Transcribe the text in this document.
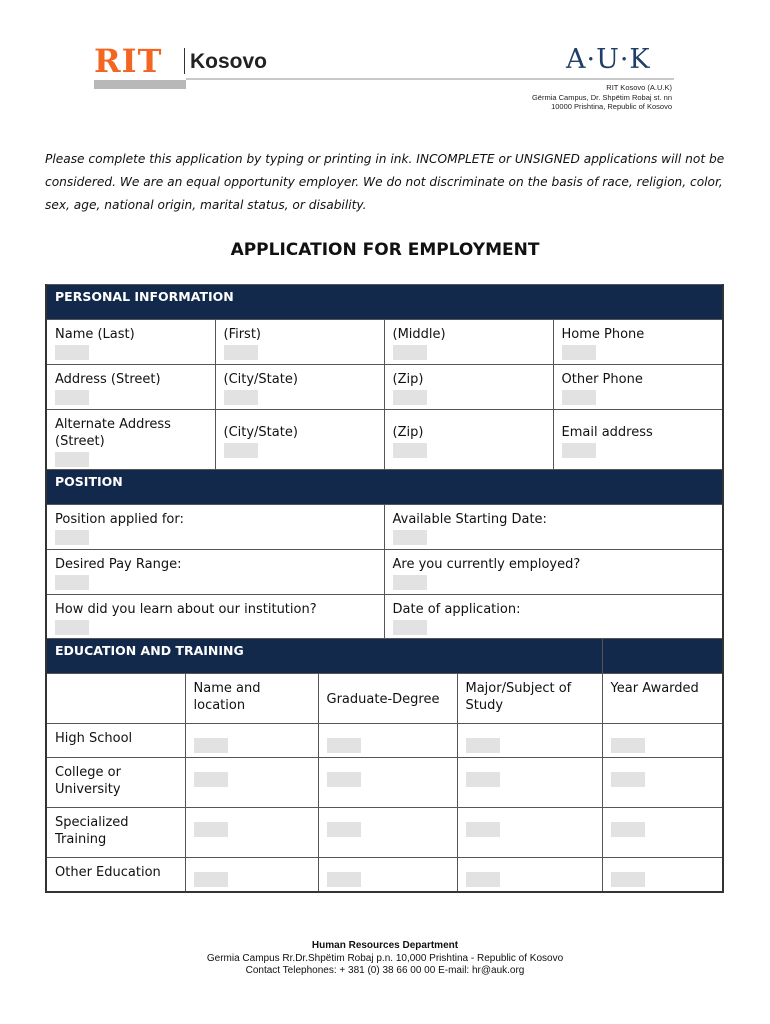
RIT Kosovo	A·U·K
RIT Kosovo (A.U.K)
Gërmia Campus, Dr. Shpëtim Robaj st. nn
10000 Prishtina, Republic of Kosovo
Please complete this application by typing or printing in ink. INCOMPLETE or UNSIGNED applications will not be considered. We are an equal opportunity employer. We do not discriminate on the basis of race, religion, color, sex, age, national origin, marital status, or disability.
APPLICATION FOR EMPLOYMENT
PERSONAL INFORMATION			
Name (Last)	(First)	(Middle)	Home Phone

Address (Street)	(City/State)	(Zip)	Other Phone

Alternate Address (Street)	(City/State)	(Zip)	Email address
POSITION	
Position applied for:	Available Starting Date:

Desired Pay Range:	Are you currently employed?

How did you learn about our institution?	Date of application:
EDUCATION AND TRAINING				
	Name and location	Graduate-Degree	Major/Subject of Study	Year Awarded
High School	

College or University	

Specialized Training	

Other Education	

Human Resources Department
Germia Campus Rr.Dr.Shpëtim Robaj p.n. 10,000 Prishtina - Republic of Kosovo
Contact Telephones: + 381 (0) 38 66 00 00 E-mail: hr@auk.org
